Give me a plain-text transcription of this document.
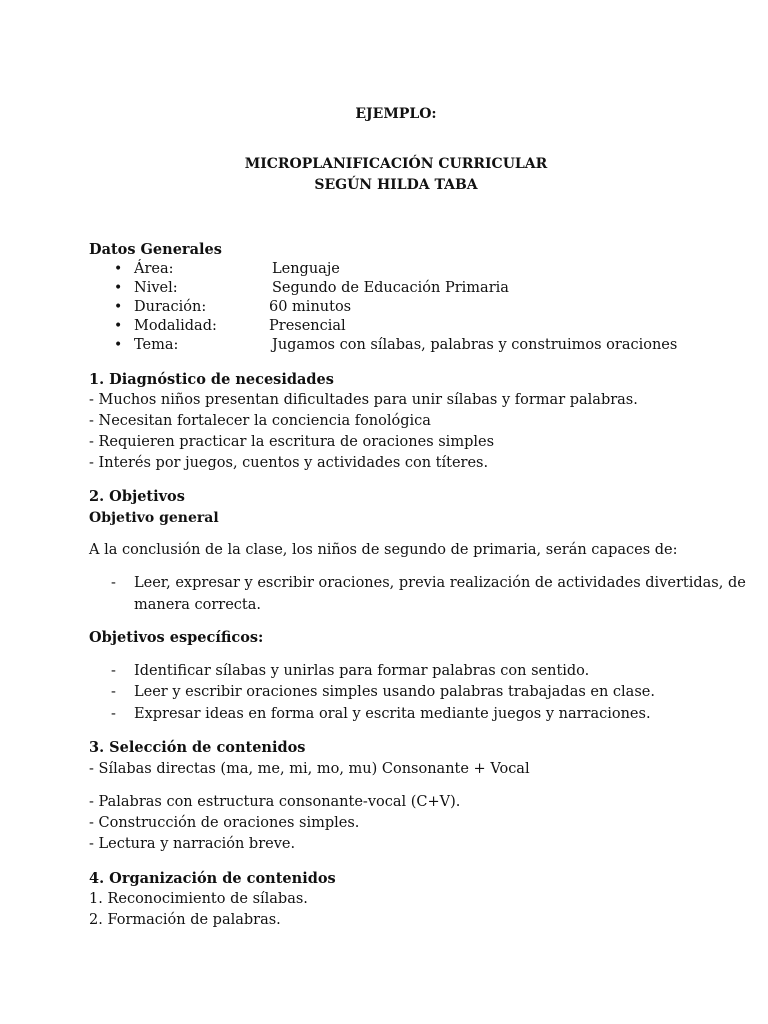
EJEMPLO:
MICROPLANIFICACIÓN CURRICULAR
SEGÚN HILDA TABA
Datos Generales
• Área:	Lenguaje
• Nivel:	Segundo de Educación Primaria
• Duración:	60 minutos
• Modalidad:	Presencial
• Tema:	Jugamos con sílabas, palabras y construimos oraciones
1. Diagnóstico de necesidades
- Muchos niños presentan dificultades para unir sílabas y formar palabras.
- Necesitan fortalecer la conciencia fonológica
- Requieren practicar la escritura de oraciones simples
- Interés por juegos, cuentos y actividades con títeres.
2. Objetivos
Objetivo general
A la conclusión de la clase, los niños de segundo de primaria, serán capaces de:
- Leer, expresar y escribir oraciones, previa realización de actividades divertidas, de
manera correcta.
Objetivos específicos:
- Identificar sílabas y unirlas para formar palabras con sentido.
- Leer y escribir oraciones simples usando palabras trabajadas en clase.
- Expresar ideas en forma oral y escrita mediante juegos y narraciones.
3. Selección de contenidos
- Sílabas directas (ma, me, mi, mo, mu) Consonante + Vocal
- Palabras con estructura consonante-vocal (C+V).
- Construcción de oraciones simples.
- Lectura y narración breve.
4. Organización de contenidos
1. Reconocimiento de sílabas.
2. Formación de palabras.
